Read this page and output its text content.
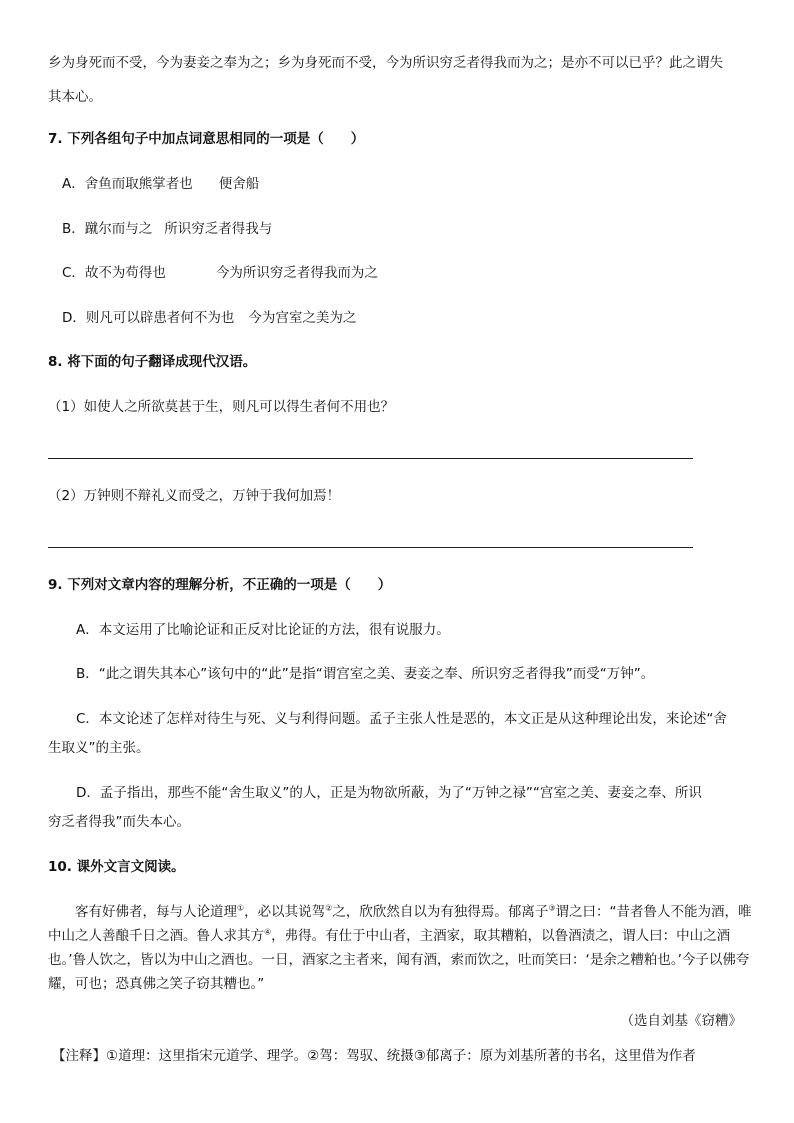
乡为身死而不受，今为妻妾之奉为之；乡为身死而不受，今为所识穷乏者得我而为之；是亦不可以已乎？此之谓失
其本心。
7. 下列各组句子中加点词意思相同的一项是（　　）
A．舍鱼而取熊掌者也 便舍船
B．蹴尔而与之 所识穷乏者得我与
C．故不为苟得也	今为所识穷乏者得我而为之
D．则凡可以辟患者何不为也 今为宫室之美为之
8. 将下面的句子翻译成现代汉语。
（1）如使人之所欲莫甚于生，则凡可以得生者何不用也？
（2）万钟则不辩礼义而受之，万钟于我何加焉！
9. 下列对文章内容的理解分析，不正确的一项是（　　）
A．本文运用了比喻论证和正反对比论证的方法，很有说服力。
B．“此之谓失其本心”该句中的“此”是指“谓宫室之美、妻妾之奉、所识穷乏者得我”而受“万钟”。
C．本文论述了怎样对待生与死、义与利得问题。孟子主张人性是恶的，本文正是从这种理论出发，来论述“舍
生取义”的主张。
D．孟子指出，那些不能“舍生取义”的人，正是为物欲所蔽，为了“万钟之禄”“宫室之美、妻妾之奉、所识
穷乏者得我”而失本心。
10. 课外文言文阅读。
客有好佛者，每与人论道理①，必以其说驾②之，欣欣然自以为有独得焉。郁离子③谓之曰：“昔者鲁人不能为酒，唯中山之人善酿千日之酒。鲁人求其方④，弗得。有仕于中山者，主酒家，取其糟粕，以鲁酒渍之，谓人曰：中山之酒也。’鲁人饮之，皆以为中山之酒也。一日，酒家之主者来，闻有酒，索而饮之，吐而笑曰：‘是余之糟粕也。’今子以佛夸耀，可也；恐真佛之笑子窃其糟也。”
（选自刘基《窃糟》
【注释】①道理：这里指宋元道学、理学。②驾：驾驭、统摄③郁离子：原为刘基所著的书名，这里借为作者
